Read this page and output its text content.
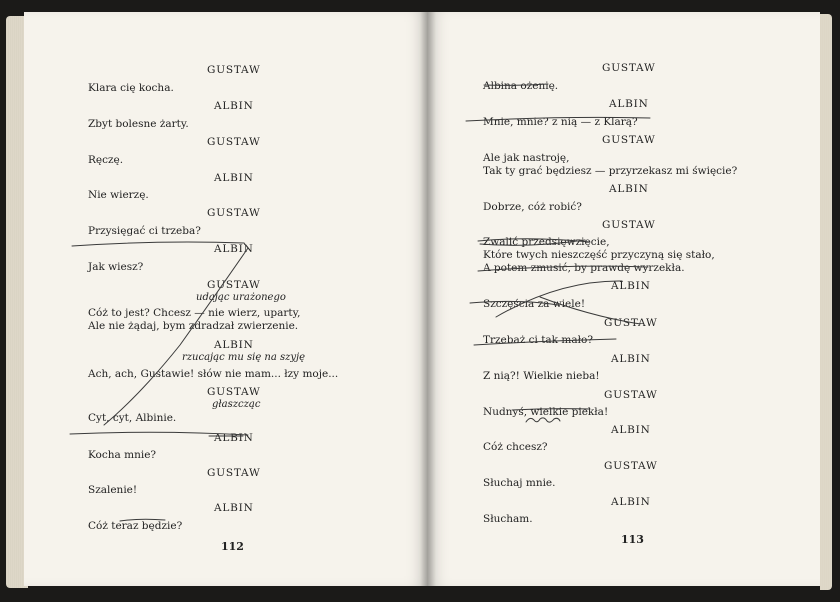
GUSTAW
Klara cię kocha.
ALBIN
Zbyt bolesne żarty.
GUSTAW
Ręczę.
ALBIN
Nie wierzę.
GUSTAW
Przysięgać ci trzeba?
ALBIN
Jak wiesz?
GUSTAW
udając urażonego
Cóż to jest? Chcesz — nie wierz, uparty,
Ale nie żądaj, bym zdradzał zwierzenie.
ALBIN
rzucając mu się na szyję
Ach, ach, Gustawie! słów nie mam... łzy moje...
GUSTAW
głaszcząc
Cyt, cyt, Albinie.
ALBIN
Kocha mnie?
GUSTAW
Szalenie!
ALBIN
Cóż teraz będzie?
112
GUSTAW
Albina ożenię.
ALBIN
Mnie, mnie? z nią — z Klarą?
GUSTAW
Ale jak nastroję,
Tak ty grać będziesz — przyrzekasz mi święcie?
ALBIN
Dobrze, cóż robić?
GUSTAW
Zwalić przedsięwzięcie,
Które twych nieszczęść przyczyną się stało,
A potem zmusić, by prawdę wyrzekła.
ALBIN
Szczęścia za wiele!
GUSTAW
Trzebaż ci tak mało?
ALBIN
Z nią?! Wielkie nieba!
GUSTAW
Nudnyś, wielkie piekła!
ALBIN
Cóż chcesz?
GUSTAW
Słuchaj mnie.
ALBIN
Słucham.
113
